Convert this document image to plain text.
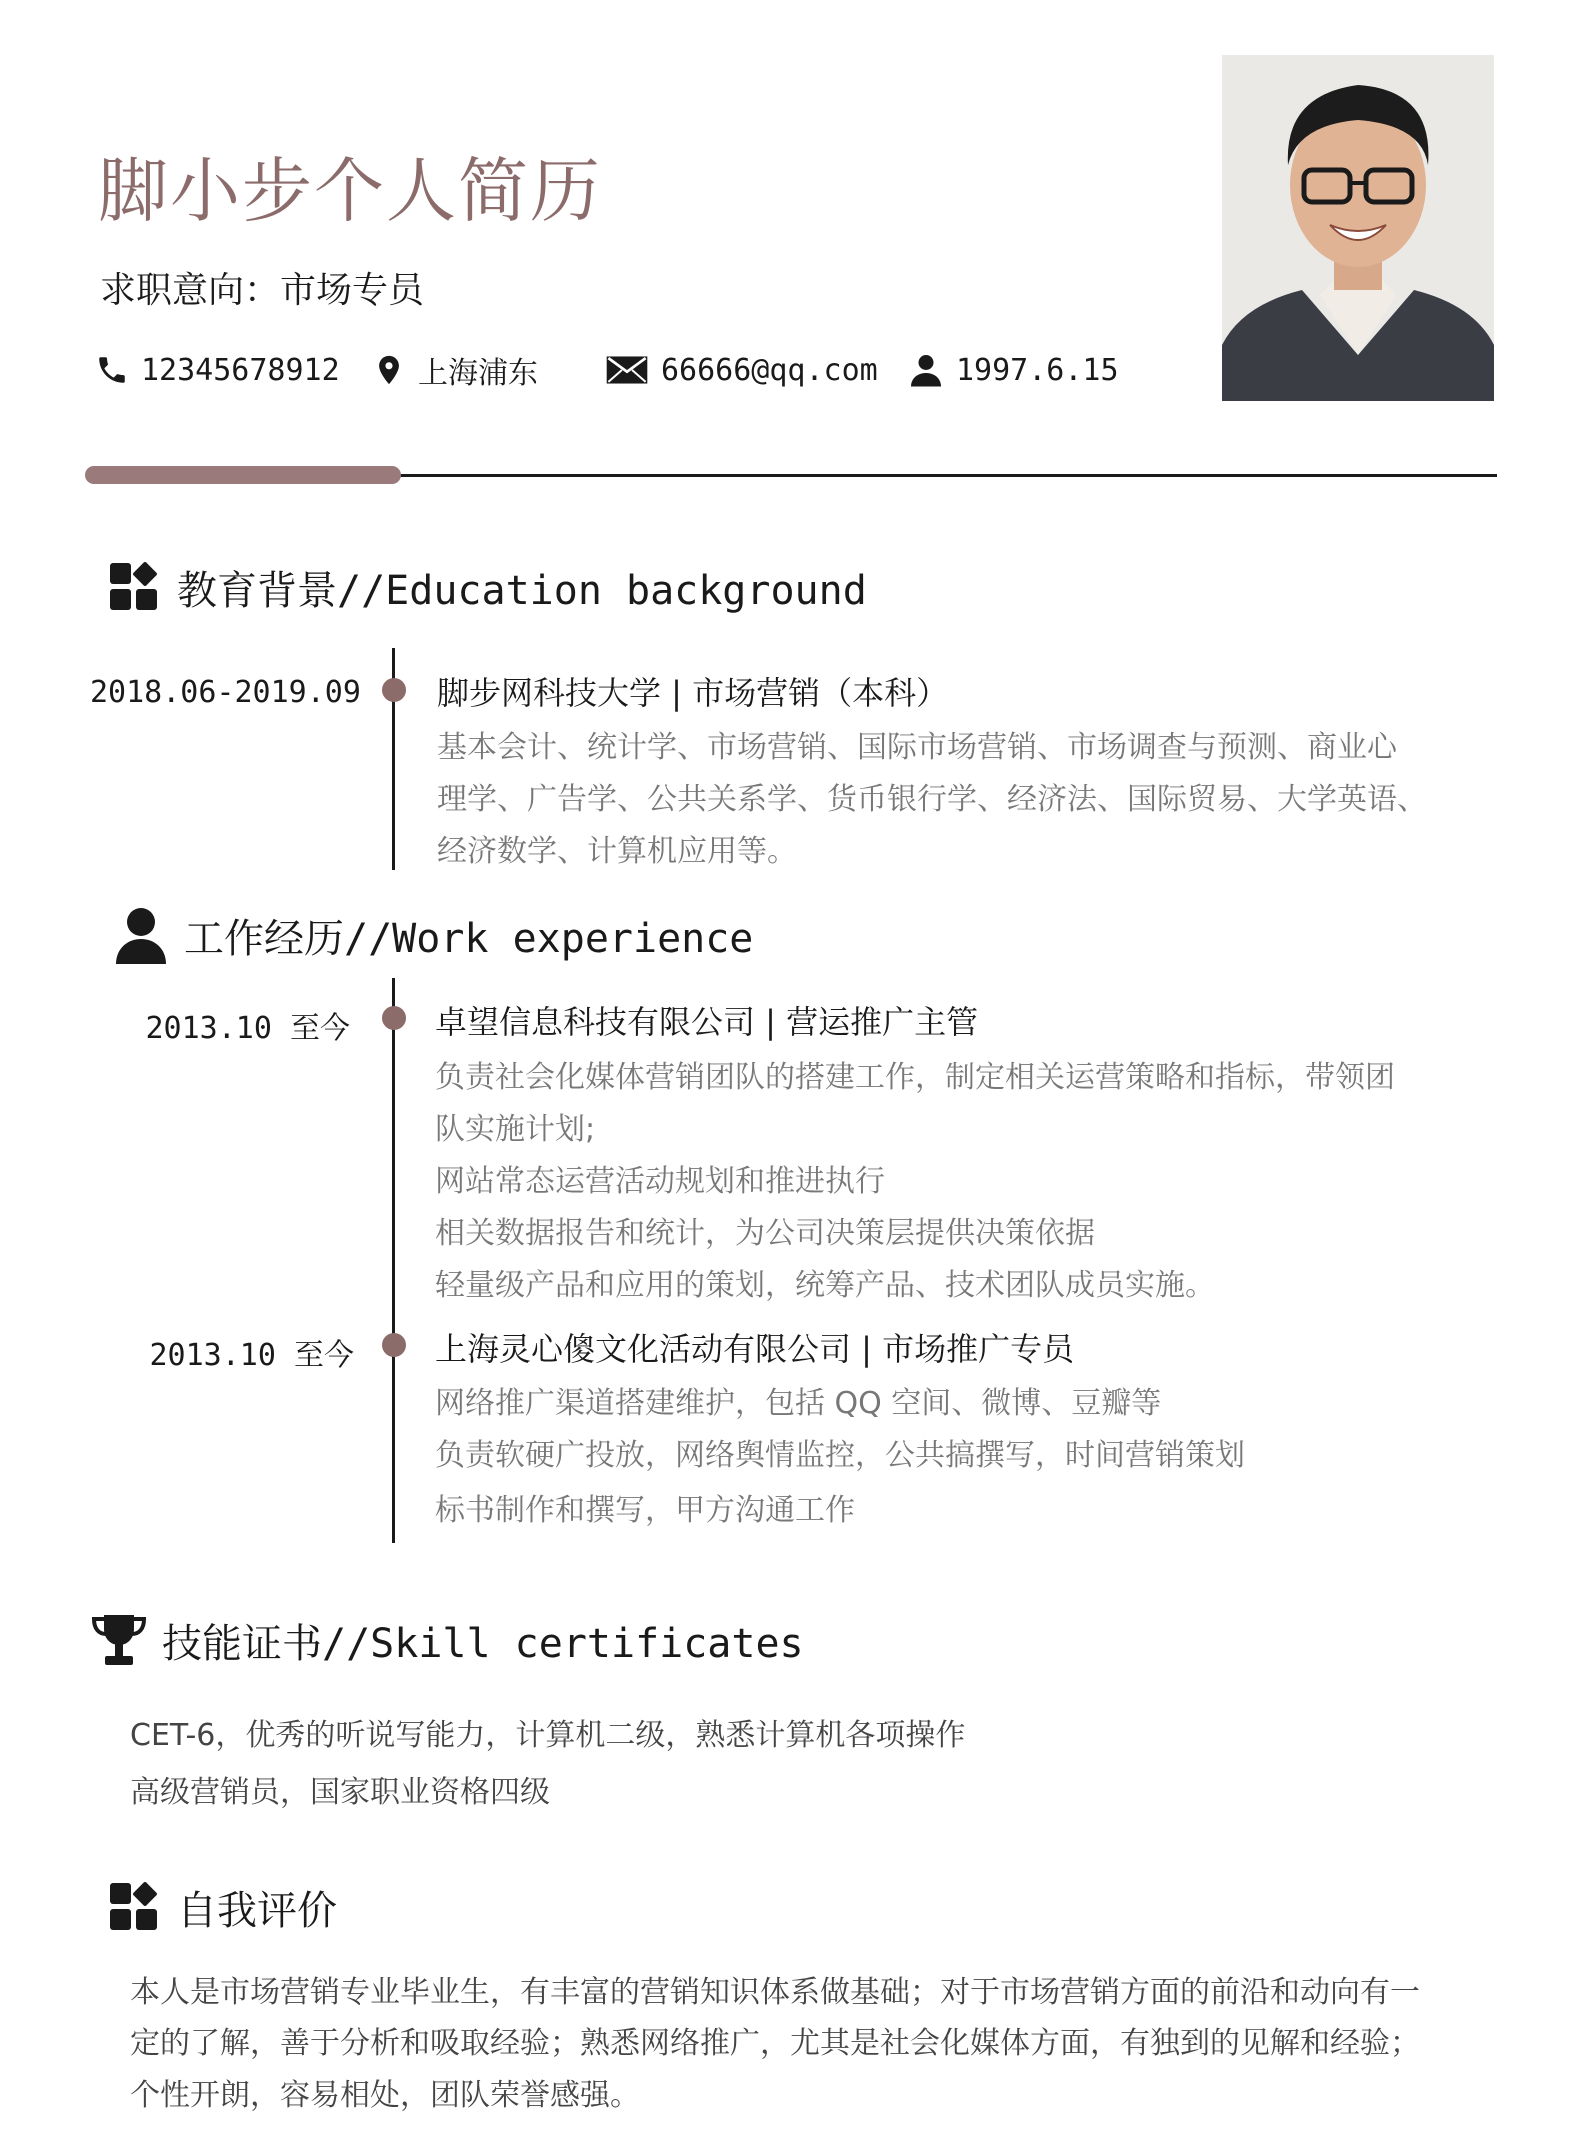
脚小步个人简历
求职意向：市场专员
12345678912	上海浦东	66666@qq.com	1997.6.15
教育背景//Education background
2018.06-2019.09 脚步网科技大学 | 市场营销（本科）
基本会计、统计学、市场营销、国际市场营销、市场调查与预测、商业心
理学、广告学、公共关系学、货币银行学、经济法、国际贸易、大学英语、
经济数学、计算机应用等。
工作经历//Work experience
2013.10 至今	卓望信息科技有限公司 | 营运推广主管
负责社会化媒体营销团队的搭建工作，制定相关运营策略和指标，带领团
队实施计划;
网站常态运营活动规划和推进执行
相关数据报告和统计，为公司决策层提供决策依据
轻量级产品和应用的策划，统筹产品、技术团队成员实施。
2013.10 至今	上海灵心傻文化活动有限公司 | 市场推广专员
网络推广渠道搭建维护，包括 QQ 空间、微博、豆瓣等
负责软硬广投放，网络舆情监控，公共搞撰写，时间营销策划
标书制作和撰写，甲方沟通工作
技能证书//Skill certificates
CET-6，优秀的听说写能力，计算机二级，熟悉计算机各项操作
高级营销员，国家职业资格四级
自我评价
本人是市场营销专业毕业生，有丰富的营销知识体系做基础；对于市场营销方面的前沿和动向有一
定的了解，善于分析和吸取经验；熟悉网络推广，尤其是社会化媒体方面，有独到的见解和经验；
个性开朗，容易相处，团队荣誉感强。
